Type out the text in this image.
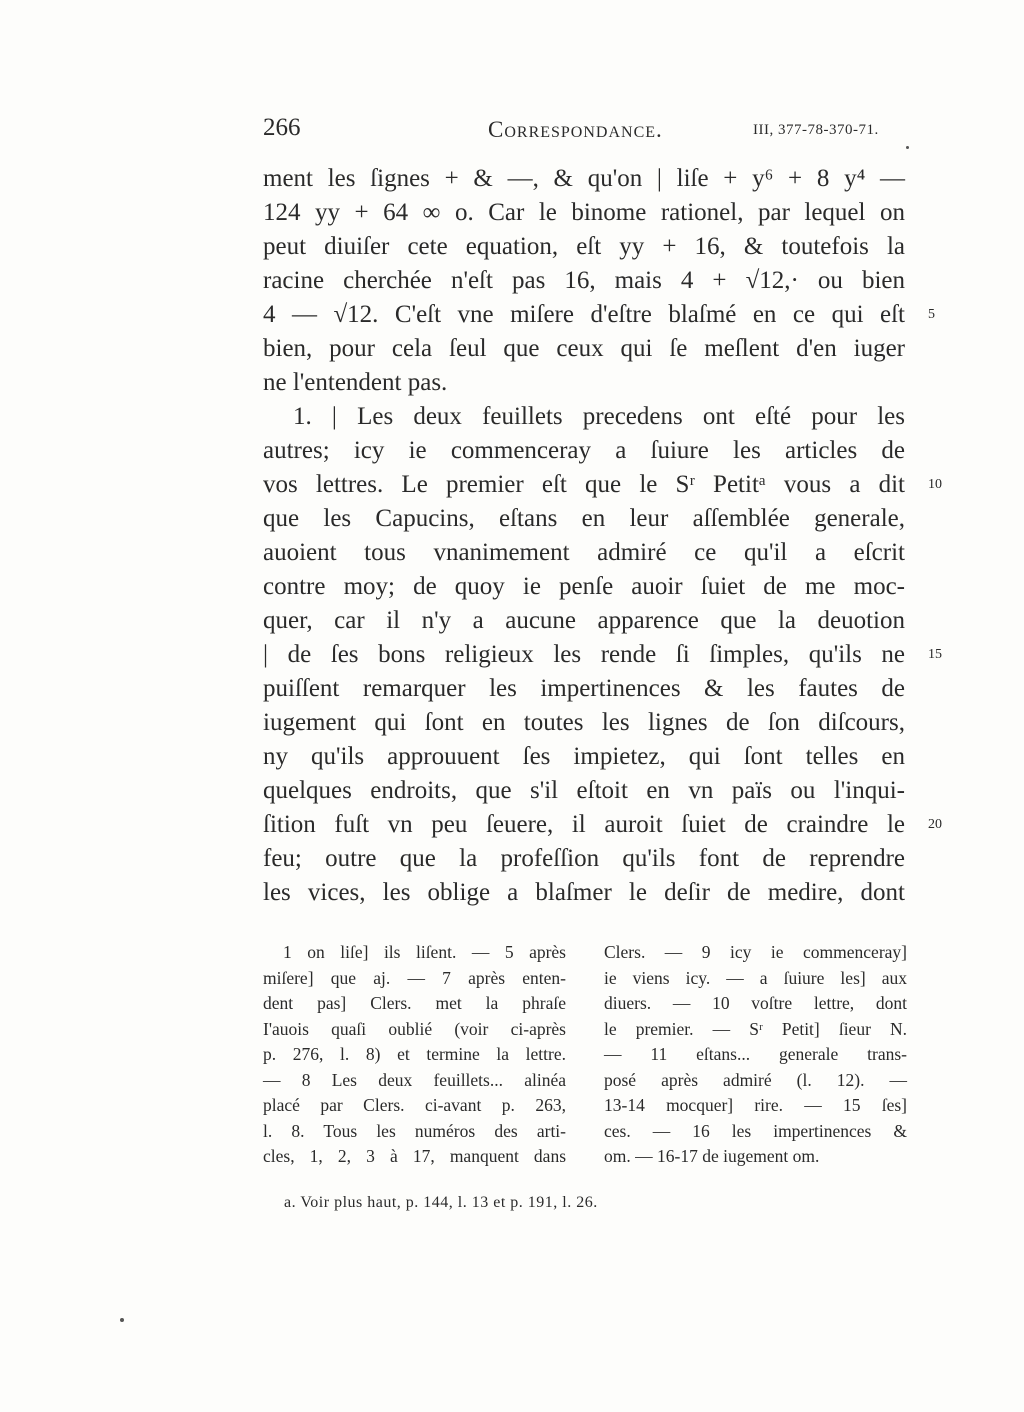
266	Correspondance.	III, 377-78-370-71.
ment les ſignes + & —, & qu'on | liſe + y⁶ + 8 y⁴ —
124 yy + 64 ∞ o. Car le binome rationel, par lequel on
peut diuiſer cete equation, eſt yy + 16, & toutefois la
racine cherchée n'eſt pas 16, mais 4 + √12,· ou bien
4 — √12. C'eſt vne miſere d'eſtre blaſmé en ce qui eſt
bien, pour cela ſeul que ceux qui ſe meſlent d'en iuger
ne l'entendent pas.
1. | Les deux feuillets precedens ont eſté pour les
autres; icy ie commenceray a ſuiure les articles de
vos lettres. Le premier eſt que le Sʳ Petitᵃ vous a dit
que les Capucins, eſtans en leur aſſemblée generale,
auoient tous vnanimement admiré ce qu'il a eſcrit
contre moy; de quoy ie penſe auoir ſuiet de me moc-
quer, car il n'y a aucune apparence que la deuotion
| de ſes bons religieux les rende ſi ſimples, qu'ils ne
puiſſent remarquer les impertinences & les fautes de
iugement qui ſont en toutes les lignes de ſon diſcours,
ny qu'ils approuuent ſes impietez, qui ſont telles en
quelques endroits, que s'il eſtoit en vn païs ou l'inqui-
ſition fuſt vn peu ſeuere, il auroit ſuiet de craindre le
feu; outre que la profeſſion qu'ils font de reprendre
les vices, les oblige a blaſmer le deſir de medire, dont
5
10
15
20
1 on liſe] ils liſent. — 5 après
miſere] que aj. — 7 après enten-
dent pas] Clers. met la phraſe
I'auois quaſi oublié (voir ci-après
p. 276, l. 8) et termine la lettre.
— 8 Les deux feuillets... alinéa
placé par Clers. ci-avant p. 263,
l. 8. Tous les numéros des arti-
cles, 1, 2, 3 à 17, manquent dans
Clers. — 9 icy ie commenceray]
ie viens icy. — a ſuiure les] aux
diuers. — 10 voſtre lettre, dont
le premier. — Sʳ Petit] ſieur N.
— 11 eſtans... generale trans-
posé après admiré (l. 12). —
13-14 mocquer] rire. — 15 ſes]
ces. — 16 les impertinences &
om. — 16-17 de iugement om.
a. Voir plus haut, p. 144, l. 13 et p. 191, l. 26.
